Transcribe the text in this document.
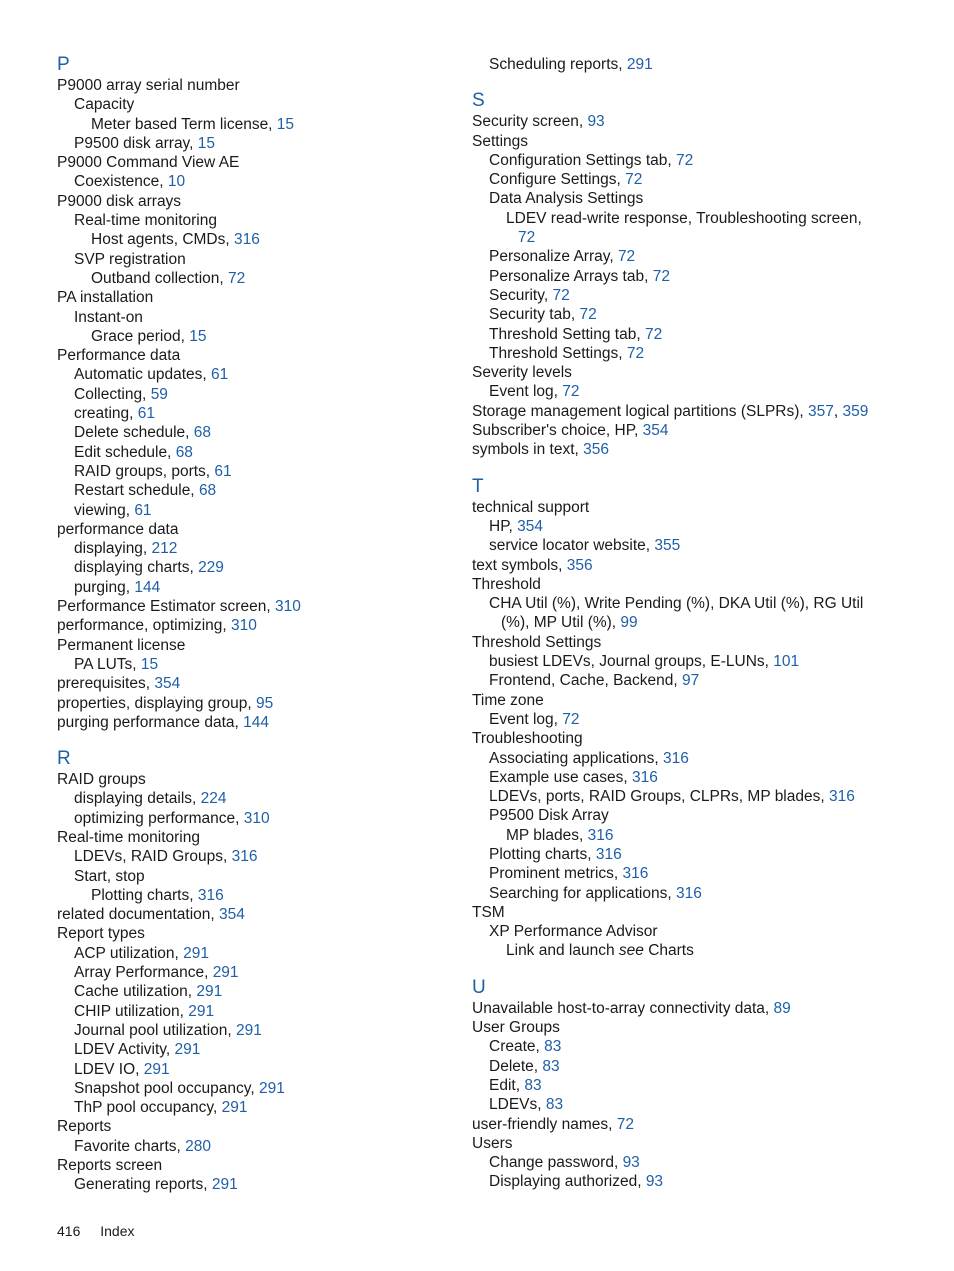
P
P9000 array serial number
Capacity
Meter based Term license, 15
P9500 disk array, 15
P9000 Command View AE
Coexistence, 10
P9000 disk arrays
Real-time monitoring
Host agents, CMDs, 316
SVP registration
Outband collection, 72
PA installation
Instant-on
Grace period, 15
Performance data
Automatic updates, 61
Collecting, 59
creating, 61
Delete schedule, 68
Edit schedule, 68
RAID groups, ports, 61
Restart schedule, 68
viewing, 61
performance data
displaying, 212
displaying charts, 229
purging, 144
Performance Estimator screen, 310
performance, optimizing, 310
Permanent license
PA LUTs, 15
prerequisites, 354
properties, displaying group, 95
purging performance data, 144
R
RAID groups
displaying details, 224
optimizing performance, 310
Real-time monitoring
LDEVs, RAID Groups, 316
Start, stop
Plotting charts, 316
related documentation, 354
Report types
ACP utilization, 291
Array Performance, 291
Cache utilization, 291
CHIP utilization, 291
Journal pool utilization, 291
LDEV Activity, 291
LDEV IO, 291
Snapshot pool occupancy, 291
ThP pool occupancy, 291
Reports
Favorite charts, 280
Reports screen
Generating reports, 291
Scheduling reports, 291
S
Security screen, 93
Settings
Configuration Settings tab, 72
Configure Settings, 72
Data Analysis Settings
LDEV read-write response, Troubleshooting screen,
72
Personalize Array, 72
Personalize Arrays tab, 72
Security, 72
Security tab, 72
Threshold Setting tab, 72
Threshold Settings, 72
Severity levels
Event log, 72
Storage management logical partitions (SLPRs), 357, 359
Subscriber's choice, HP, 354
symbols in text, 356
T
technical support
HP, 354
service locator website, 355
text symbols, 356
Threshold
CHA Util (%), Write Pending (%), DKA Util (%), RG Util
(%), MP Util (%), 99
Threshold Settings
busiest LDEVs, Journal groups, E-LUNs, 101
Frontend, Cache, Backend, 97
Time zone
Event log, 72
Troubleshooting
Associating applications, 316
Example use cases, 316
LDEVs, ports, RAID Groups, CLPRs, MP blades, 316
P9500 Disk Array
MP blades, 316
Plotting charts, 316
Prominent metrics, 316
Searching for applications, 316
TSM
XP Performance Advisor
Link and launch see Charts
U
Unavailable host-to-array connectivity data, 89
User Groups
Create, 83
Delete, 83
Edit, 83
LDEVs, 83
user-friendly names, 72
Users
Change password, 93
Displaying authorized, 93
416 Index
